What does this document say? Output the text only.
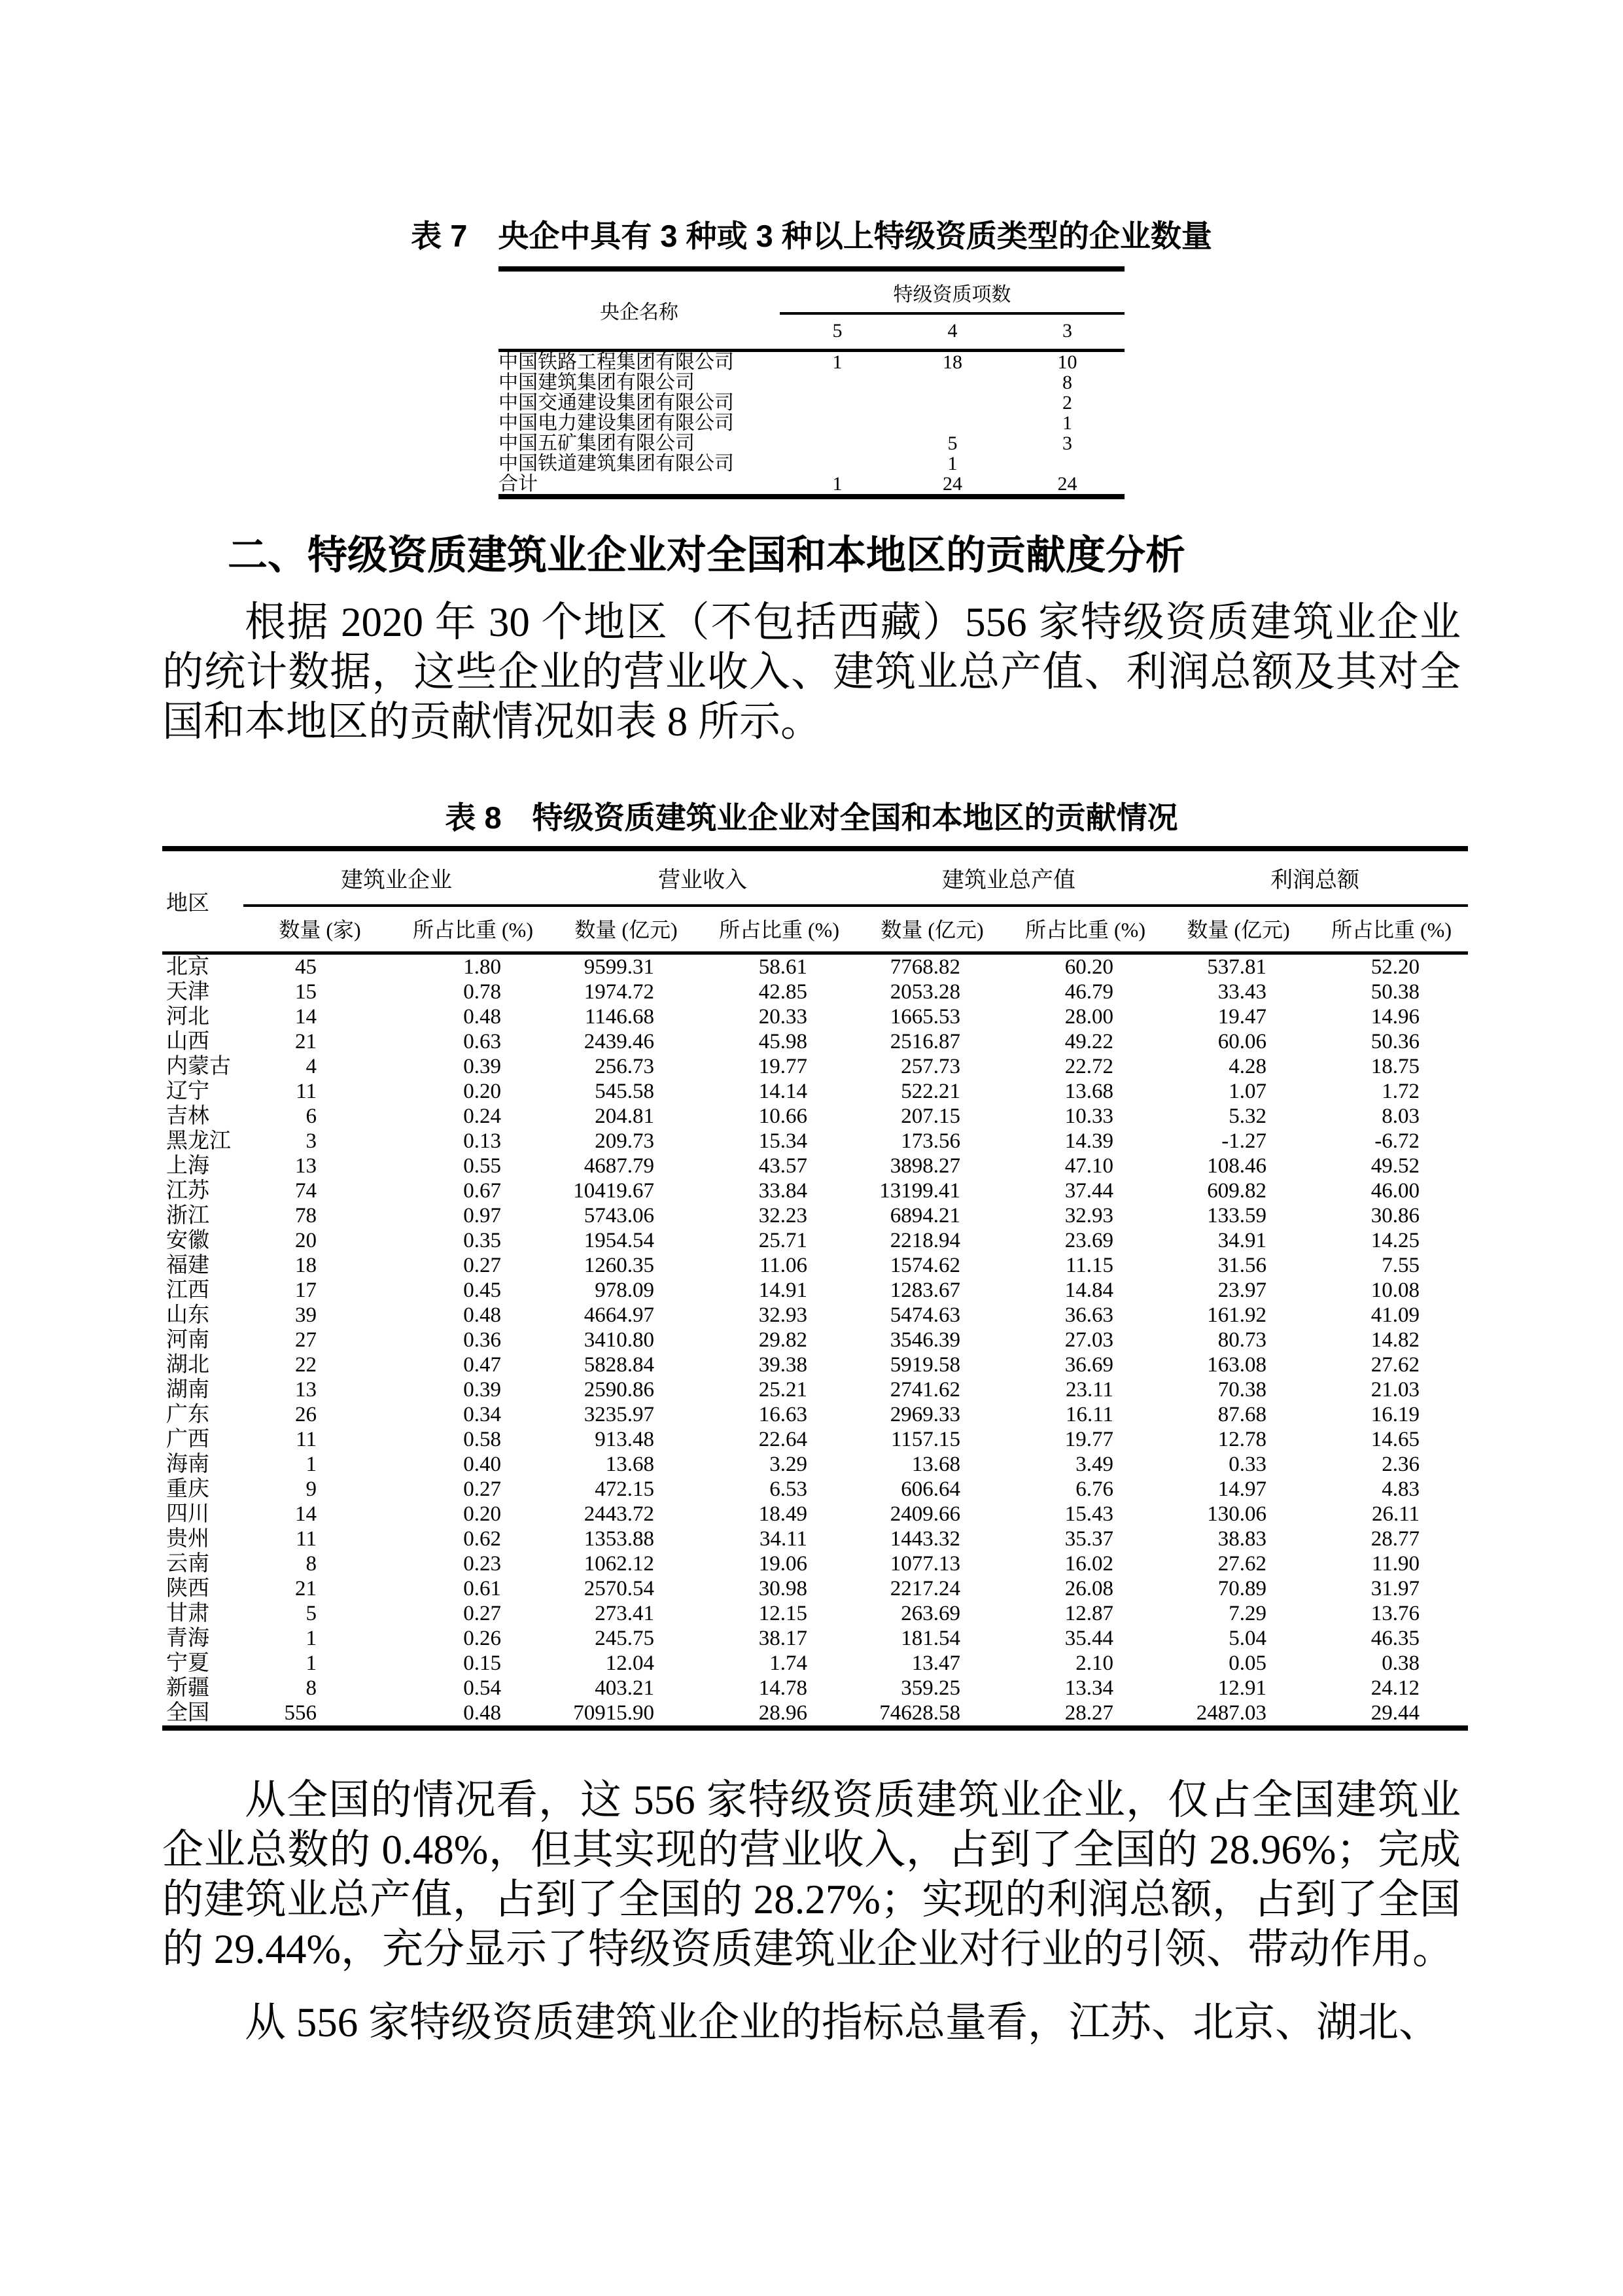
表 7　央企中具有 3 种或 3 种以上特级资质类型的企业数量

央企名称	特级资质项数		
	5	4	3
中国铁路工程集团有限公司	1	18	10
中国建筑集团有限公司			8
中国交通建设集团有限公司			2
中国电力建设集团有限公司			1
中国五矿集团有限公司		5	3
中国铁道建筑集团有限公司		1	
合计	1	24	24
二、特级资质建筑业企业对全国和本地区的贡献度分析

根据 2020 年 30 个地区（不包括西藏）556 家特级资质建筑业企业的统计数据，这些企业的营业收入、建筑业总产值、利润总额及其对全国和本地区的贡献情况如表 8 所示。

表 8　特级资质建筑业企业对全国和本地区的贡献情况

地区	建筑业企业		营业收入		建筑业总产值		利润总额	
	数量 (家)	所占比重 (%)	数量 (亿元)	所占比重 (%)	数量 (亿元)	所占比重 (%)	数量 (亿元)	所占比重 (%)
北京	45	1.80	9599.31	58.61	7768.82	60.20	537.81	52.20
天津	15	0.78	1974.72	42.85	2053.28	46.79	33.43	50.38
河北	14	0.48	1146.68	20.33	1665.53	28.00	19.47	14.96
山西	21	0.63	2439.46	45.98	2516.87	49.22	60.06	50.36
内蒙古	4	0.39	256.73	19.77	257.73	22.72	4.28	18.75
辽宁	11	0.20	545.58	14.14	522.21	13.68	1.07	1.72
吉林	6	0.24	204.81	10.66	207.15	10.33	5.32	8.03
黑龙江	3	0.13	209.73	15.34	173.56	14.39	-1.27	-6.72
上海	13	0.55	4687.79	43.57	3898.27	47.10	108.46	49.52
江苏	74	0.67	10419.67	33.84	13199.41	37.44	609.82	46.00
浙江	78	0.97	5743.06	32.23	6894.21	32.93	133.59	30.86
安徽	20	0.35	1954.54	25.71	2218.94	23.69	34.91	14.25
福建	18	0.27	1260.35	11.06	1574.62	11.15	31.56	7.55
江西	17	0.45	978.09	14.91	1283.67	14.84	23.97	10.08
山东	39	0.48	4664.97	32.93	5474.63	36.63	161.92	41.09
河南	27	0.36	3410.80	29.82	3546.39	27.03	80.73	14.82
湖北	22	0.47	5828.84	39.38	5919.58	36.69	163.08	27.62
湖南	13	0.39	2590.86	25.21	2741.62	23.11	70.38	21.03
广东	26	0.34	3235.97	16.63	2969.33	16.11	87.68	16.19
广西	11	0.58	913.48	22.64	1157.15	19.77	12.78	14.65
海南	1	0.40	13.68	3.29	13.68	3.49	0.33	2.36
重庆	9	0.27	472.15	6.53	606.64	6.76	14.97	4.83
四川	14	0.20	2443.72	18.49	2409.66	15.43	130.06	26.11
贵州	11	0.62	1353.88	34.11	1443.32	35.37	38.83	28.77
云南	8	0.23	1062.12	19.06	1077.13	16.02	27.62	11.90
陕西	21	0.61	2570.54	30.98	2217.24	26.08	70.89	31.97
甘肃	5	0.27	273.41	12.15	263.69	12.87	7.29	13.76
青海	1	0.26	245.75	38.17	181.54	35.44	5.04	46.35
宁夏	1	0.15	12.04	1.74	13.47	2.10	0.05	0.38
新疆	8	0.54	403.21	14.78	359.25	13.34	12.91	24.12
全国	556	0.48	70915.90	28.96	74628.58	28.27	2487.03	29.44

从全国的情况看，这 556 家特级资质建筑业企业，仅占全国建筑业企业总数的 0.48%，但其实现的营业收入，占到了全国的 28.96%；完成的建筑业总产值，占到了全国的 28.27%；实现的利润总额，占到了全国的 29.44%，充分显示了特级资质建筑业企业对行业的引领、带动作用。

从 556 家特级资质建筑业企业的指标总量看，江苏、北京、湖北、
